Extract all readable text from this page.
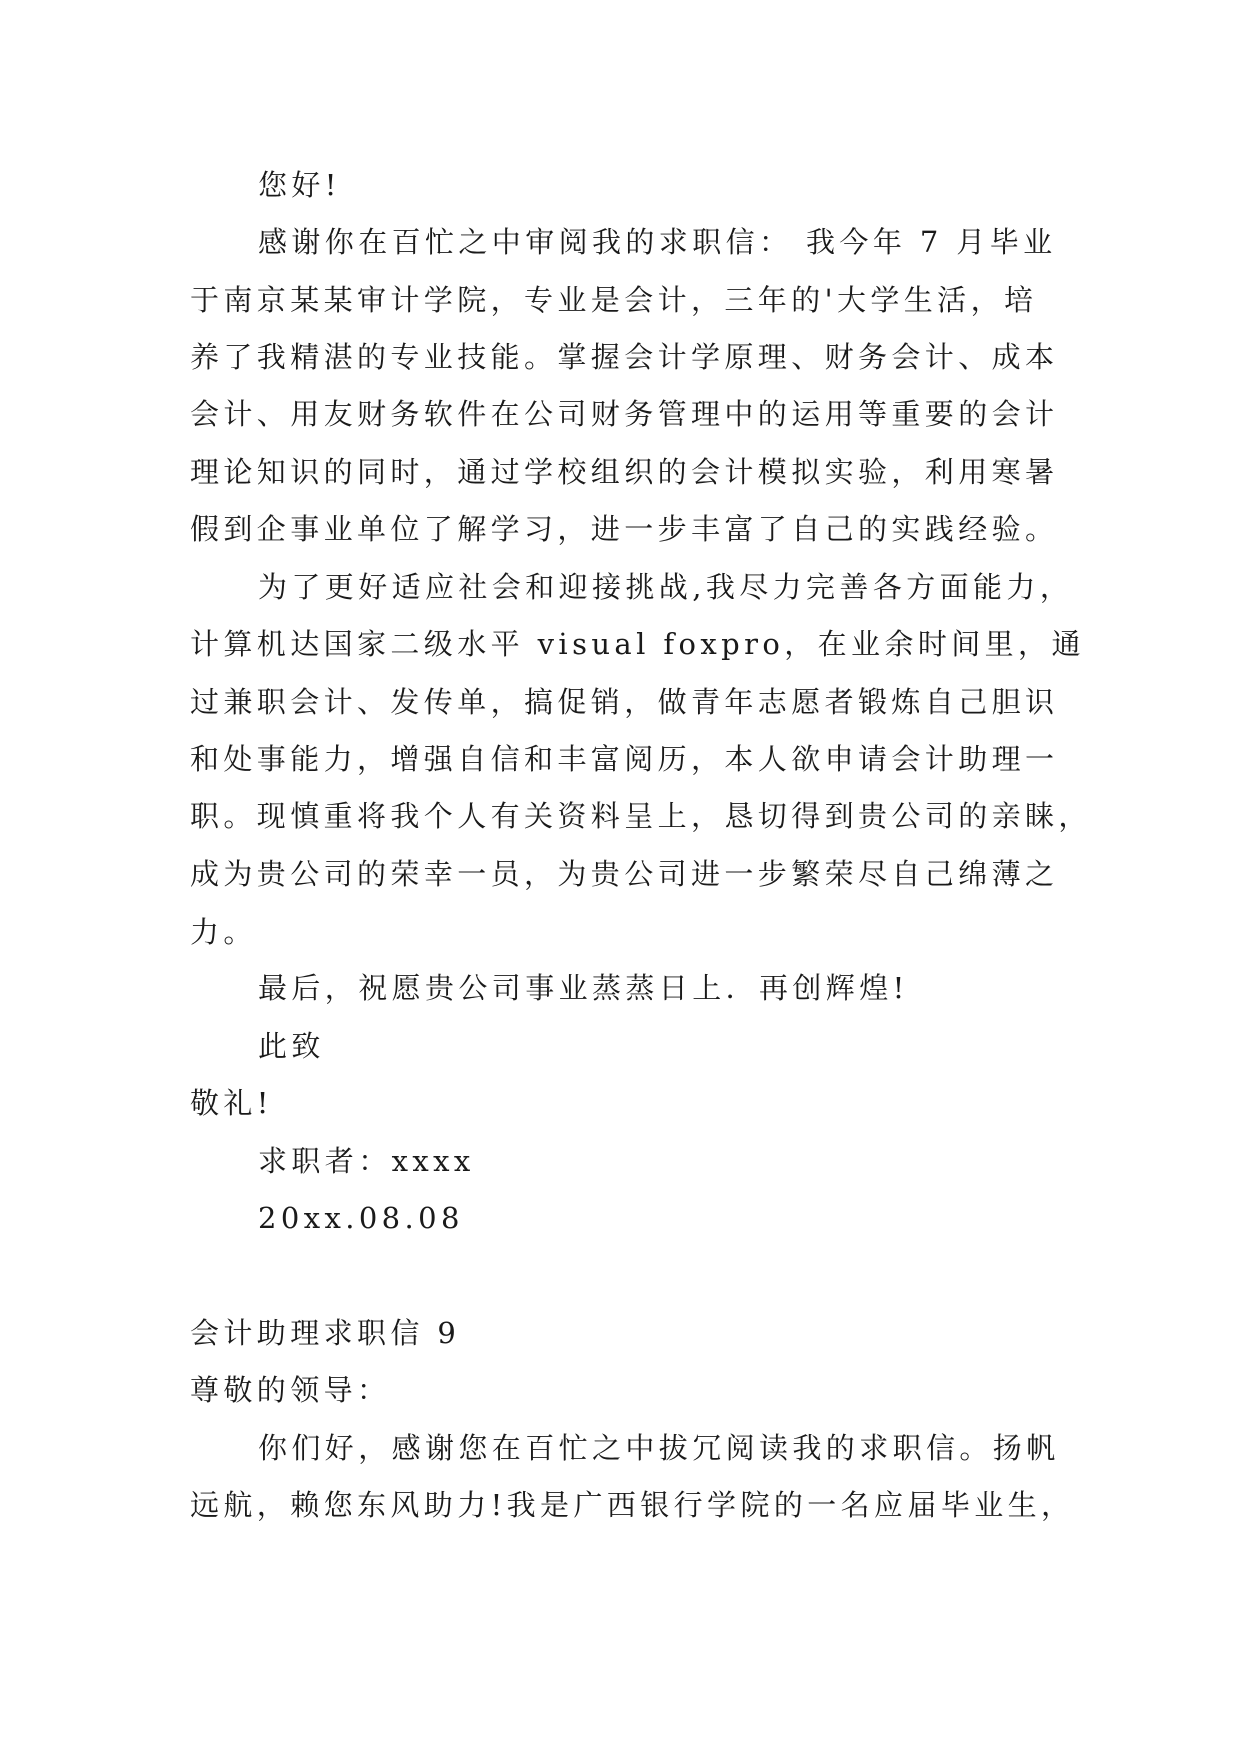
您好!

感谢你在百忙之中审阅我的求职信： 我今年 7 月毕业

于南京某某审计学院，专业是会计，三年的'大学生活，培

养了我精湛的专业技能。掌握会计学原理、财务会计、成本

会计、用友财务软件在公司财务管理中的运用等重要的会计

理论知识的同时，通过学校组织的会计模拟实验，利用寒暑

假到企事业单位了解学习，进一步丰富了自己的实践经验。

为了更好适应社会和迎接挑战,我尽力完善各方面能力，

计算机达国家二级水平 visual foxpro，在业余时间里，通

过兼职会计、发传单，搞促销，做青年志愿者锻炼自己胆识

和处事能力，增强自信和丰富阅历，本人欲申请会计助理一

职。现慎重将我个人有关资料呈上，恳切得到贵公司的亲睐，

成为贵公司的荣幸一员，为贵公司进一步繁荣尽自己绵薄之

力。

最后，祝愿贵公司事业蒸蒸日上．再创辉煌!

此致

敬礼!

求职者：xxxx

20xx.08.08

会计助理求职信 9

尊敬的领导：

你们好，感谢您在百忙之中拔冗阅读我的求职信。扬帆

远航，赖您东风助力!我是广西银行学院的一名应届毕业生，
